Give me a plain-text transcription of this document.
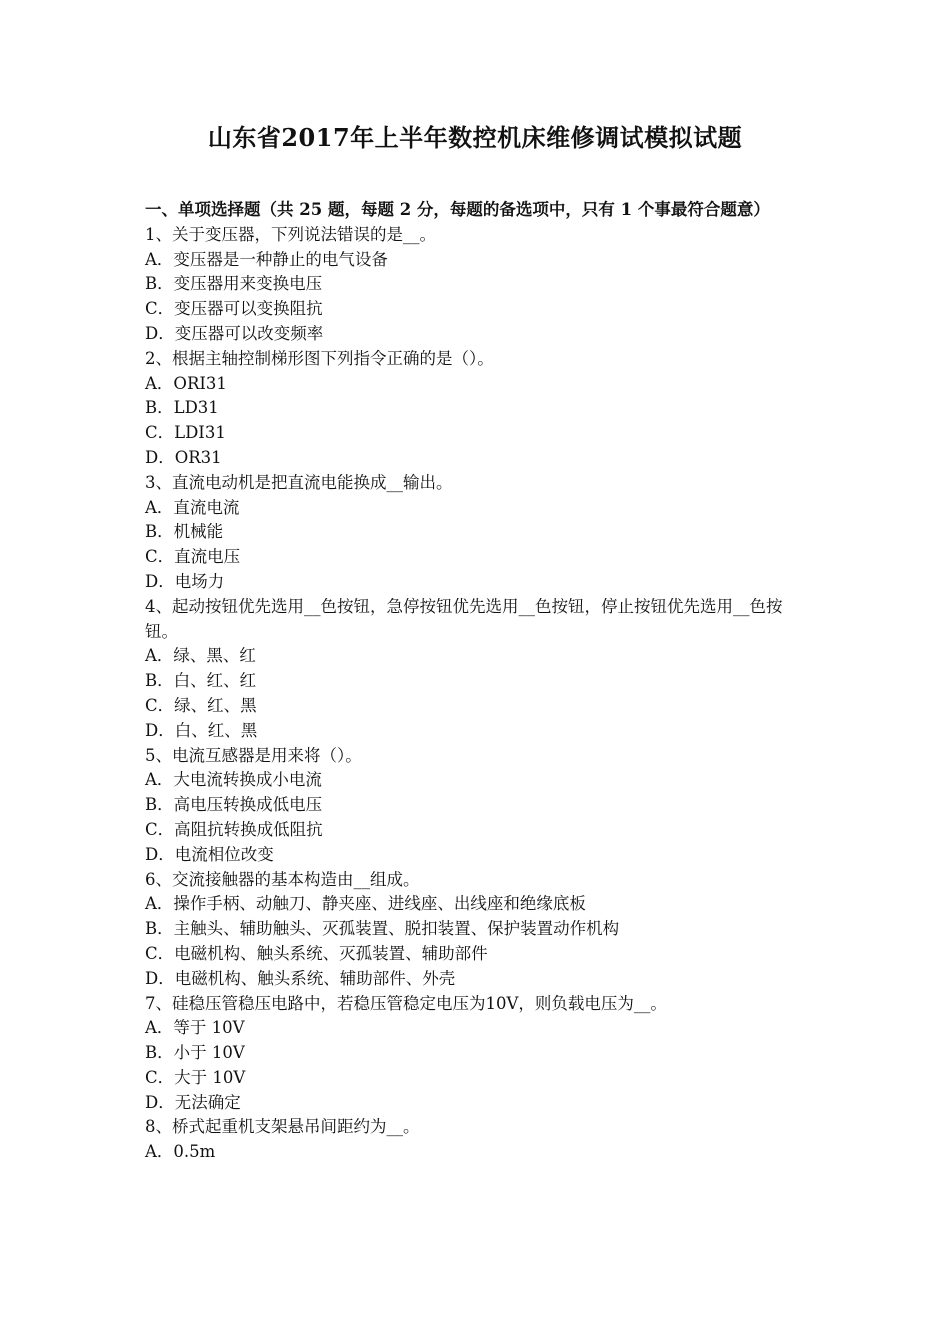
山东省2017年上半年数控机床维修调试模拟试题

一、单项选择题（共 25 题，每题 2 分，每题的备选项中，只有 1 个事最符合题意）

1、关于变压器，下列说法错误的是__。

A．变压器是一种静止的电气设备

B．变压器用来变换电压

C．变压器可以变换阻抗

D．变压器可以改变频率

2、根据主轴控制梯形图下列指令正确的是（）。

A．ORI31

B．LD31

C．LDI31

D．OR31

3、直流电动机是把直流电能换成__输出。

A．直流电流

B．机械能

C．直流电压

D．电场力

4、起动按钮优先选用__色按钮，急停按钮优先选用__色按钮，停止按钮优先选用__色按钮。

A．绿、黑、红

B．白、红、红

C．绿、红、黑

D．白、红、黑

5、电流互感器是用来将（）。

A．大电流转换成小电流

B．高电压转换成低电压

C．高阻抗转换成低阻抗

D．电流相位改变

6、交流接触器的基本构造由__组成。

A．操作手柄、动触刀、静夹座、进线座、出线座和绝缘底板

B．主触头、辅助触头、灭孤装置、脱扣装置、保护装置动作机构

C．电磁机构、触头系统、灭孤装置、辅助部件

D．电磁机构、触头系统、辅助部件、外壳

7、硅稳压管稳压电路中，若稳压管稳定电压为10V，则负载电压为__。

A．等于 10V

B．小于 10V

C．大于 10V

D．无法确定

8、桥式起重机支架悬吊间距约为__。

A．0.5m
